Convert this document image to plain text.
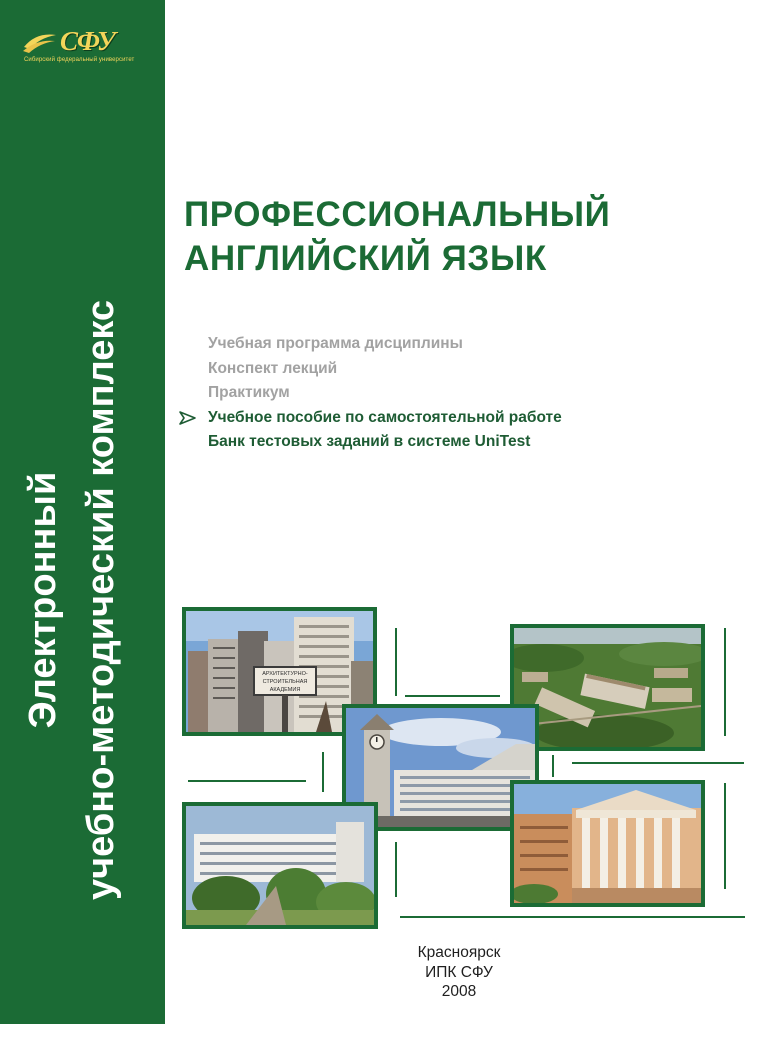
СФУ
Сибирский федеральный университет
Электронный учебно-методический комплекс
ПРОФЕССИОНАЛЬНЫЙ
АНГЛИЙСКИЙ ЯЗЫК
Учебная программа дисциплины
Конспект лекций
Практикум
Учебное пособие по самостоятельной работе
Банк тестовых заданий в системе UniTest
АРХИТЕКТУРНО-
СТРОИТЕЛЬНАЯ
АКАДЕМИЯ
Красноярск
ИПК СФУ
2008
